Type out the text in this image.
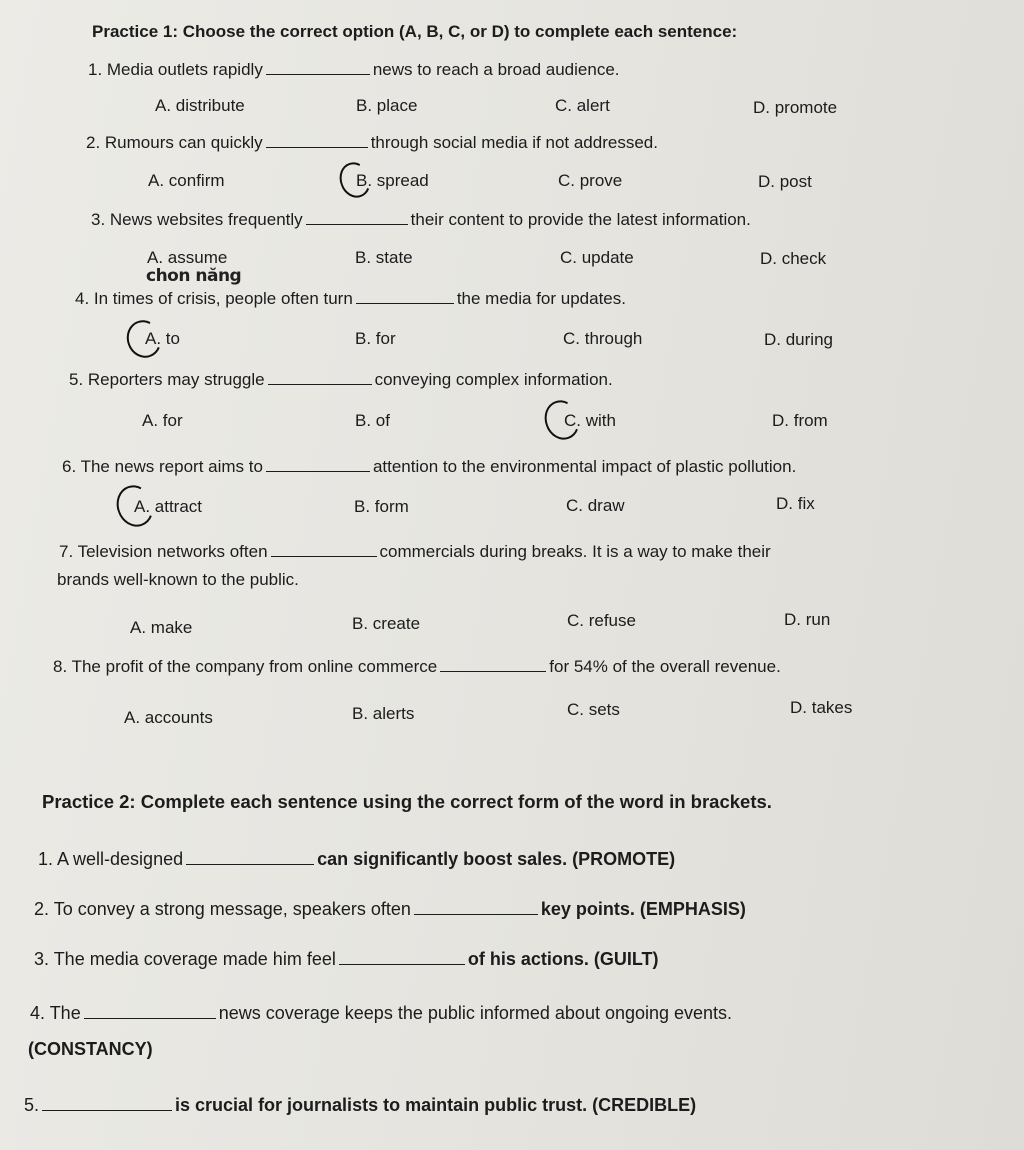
Practice 1: Choose the correct option (A, B, C, or D) to complete each sentence:
1. Media outlets rapidly	news to reach a broad audience.
A. distribute	B. place	C. alert	D. promote
2. Rumours can quickly	through social media if not addressed.
A. confirm	B. spread	C. prove	D. post
3. News websites frequently	their content to provide the latest information.
A. assume	B. state	C. update	D. check
chon năng
4. In times of crisis, people often turn	the media for updates.
A. to	B. for	C. through	D. during
5. Reporters may struggle	conveying complex information.
A. for	B. of	C. with	D. from
6. The news report aims to	attention to the environmental impact of plastic pollution.
A. attract	B. form	C. draw	D. fix
7. Television networks often	commercials during breaks. It is a way to make their
brands well-known to the public.
A. make	B. create	C. refuse	D. run
8. The profit of the company from online commerce	for 54% of the overall revenue.
A. accounts	B. alerts	C. sets	D. takes
Practice 2: Complete each sentence using the correct form of the word in brackets.
1. A well-designed	can significantly boost sales. (PROMOTE)
2. To convey a strong message, speakers often	key points. (EMPHASIS)
3. The media coverage made him feel	of his actions. (GUILT)
4. The	news coverage keeps the public informed about ongoing events.
(CONSTANCY)
5.	is crucial for journalists to maintain public trust. (CREDIBLE)
